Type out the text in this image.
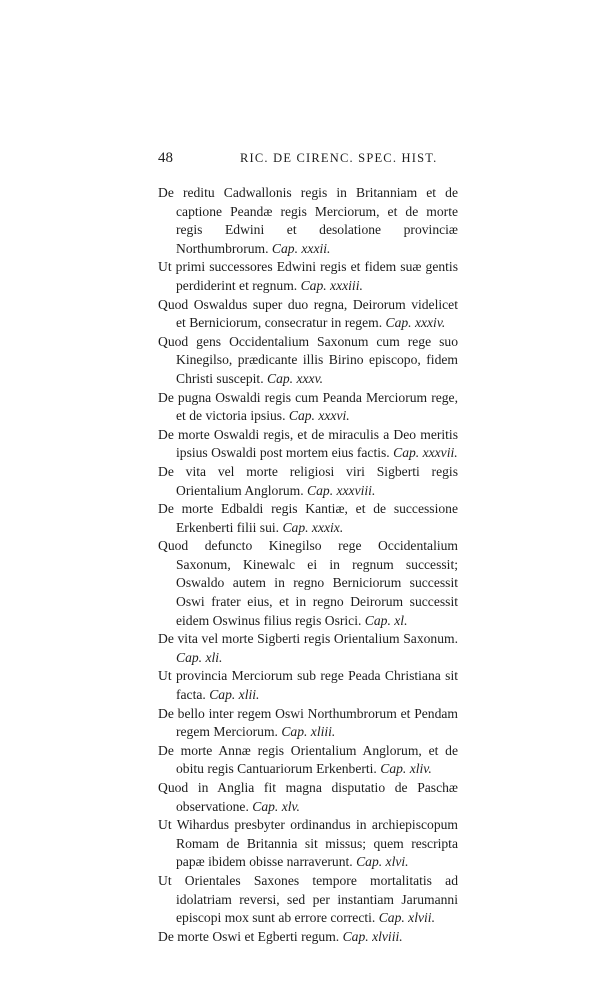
48	RIC. DE CIRENC. SPEC. HIST.
De reditu Cadwallonis regis in Britanniam et de captione Peandæ regis Merciorum, et de morte regis Edwini et desolatione provinciæ Northumbrorum. Cap. xxxii.
Ut primi successores Edwini regis et fidem suæ gentis perdiderint et regnum. Cap. xxxiii.
Quod Oswaldus super duo regna, Deirorum videlicet et Berniciorum, consecratur in regem. Cap. xxxiv.
Quod gens Occidentalium Saxonum cum rege suo Kinegilso, prædicante illis Birino episcopo, fidem Christi suscepit. Cap. xxxv.
De pugna Oswaldi regis cum Peanda Merciorum rege, et de victoria ipsius. Cap. xxxvi.
De morte Oswaldi regis, et de miraculis a Deo meritis ipsius Oswaldi post mortem eius factis. Cap. xxxvii.
De vita vel morte religiosi viri Sigberti regis Orientalium Anglorum. Cap. xxxviii.
De morte Edbaldi regis Kantiæ, et de successione Erkenberti filii sui. Cap. xxxix.
Quod defuncto Kinegilso rege Occidentalium Saxonum, Kinewalc ei in regnum successit; Oswaldo autem in regno Berniciorum successit Oswi frater eius, et in regno Deirorum successit eidem Oswinus filius regis Osrici. Cap. xl.
De vita vel morte Sigberti regis Orientalium Saxonum. Cap. xli.
Ut provincia Merciorum sub rege Peada Christiana sit facta. Cap. xlii.
De bello inter regem Oswi Northumbrorum et Pendam regem Merciorum. Cap. xliii.
De morte Annæ regis Orientalium Anglorum, et de obitu regis Cantuariorum Erkenberti. Cap. xliv.
Quod in Anglia fit magna disputatio de Paschæ observatione. Cap. xlv.
Ut Wihardus presbyter ordinandus in archiepiscopum Romam de Britannia sit missus; quem rescripta papæ ibidem obisse narraverunt. Cap. xlvi.
Ut Orientales Saxones tempore mortalitatis ad idolatriam reversi, sed per instantiam Jarumanni episcopi mox sunt ab errore correcti. Cap. xlvii.
De morte Oswi et Egberti regum. Cap. xlviii.
